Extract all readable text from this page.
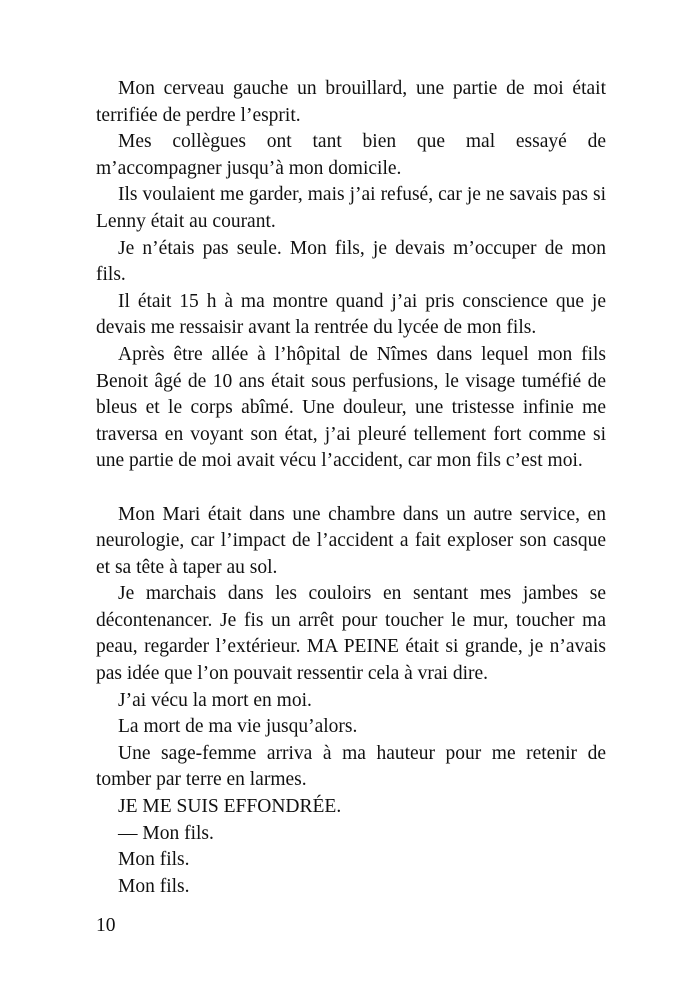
Mon cerveau gauche un brouillard, une partie de moi était terrifiée de perdre l’esprit.

Mes collègues ont tant bien que mal essayé de m’accompagner jusqu’à mon domicile.

Ils voulaient me garder, mais j’ai refusé, car je ne savais pas si Lenny était au courant.

Je n’étais pas seule. Mon fils, je devais m’occuper de mon fils.

Il était 15 h à ma montre quand j’ai pris conscience que je devais me ressaisir avant la rentrée du lycée de mon fils.

Après être allée à l’hôpital de Nîmes dans lequel mon fils Benoit âgé de 10 ans était sous perfusions, le visage tuméfié de bleus et le corps abîmé. Une douleur, une tristesse infinie me traversa en voyant son état, j’ai pleuré tellement fort comme si une partie de moi avait vécu l’accident, car mon fils c’est moi.

Mon Mari était dans une chambre dans un autre service, en neurologie, car l’impact de l’accident a fait exploser son casque et sa tête à taper au sol.

Je marchais dans les couloirs en sentant mes jambes se décontenancer. Je fis un arrêt pour toucher le mur, toucher ma peau, regarder l’extérieur. MA PEINE était si grande, je n’avais pas idée que l’on pouvait ressentir cela à vrai dire.

J’ai vécu la mort en moi.

La mort de ma vie jusqu’alors.

Une sage-femme arriva à ma hauteur pour me retenir de tomber par terre en larmes.

JE ME SUIS EFFONDRÉE.

— Mon fils.

Mon fils.

Mon fils.

10
